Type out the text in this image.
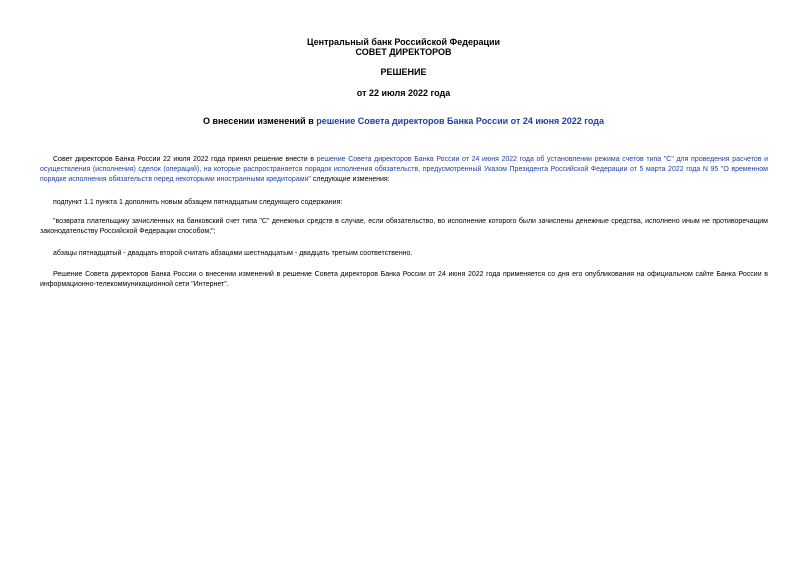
Центральный банк Российской Федерации
СОВЕТ ДИРЕКТОРОВ
РЕШЕНИЕ
от 22 июля 2022 года
О внесении изменений в решение Совета директоров Банка России от 24 июня 2022 года
Совет директоров Банка России 22 июля 2022 года принял решение внести в решение Совета директоров Банка России от 24 июня 2022 года об установлении режима счетов типа "С" для проведения расчетов и осуществления (исполнения) сделок (операций), на которые распространяется порядок исполнения обязательств, предусмотренный Указом Президента Российской Федерации от 5 марта 2022 года N 95 "О временном порядке исполнения обязательств перед некоторыми иностранными кредиторами" следующие изменения:
подпункт 1.1 пункта 1 дополнить новым абзацем пятнадцатым следующего содержания:
"возврата плательщику зачисленных на банковский счет типа "С" денежных средств в случае, если обязательство, во исполнение которого были зачислены денежные средства, исполнено иным не противоречащим законодательству Российской Федерации способом;";
абзацы пятнадцатый - двадцать второй считать абзацами шестнадцатым - двадцать третьим соответственно.
Решение Совета директоров Банка России о внесении изменений в решение Совета директоров Банка России от 24 июня 2022 года применяется со дня его опубликования на официальном сайте Банка России в информационно-телекоммуникационной сети "Интернет".
